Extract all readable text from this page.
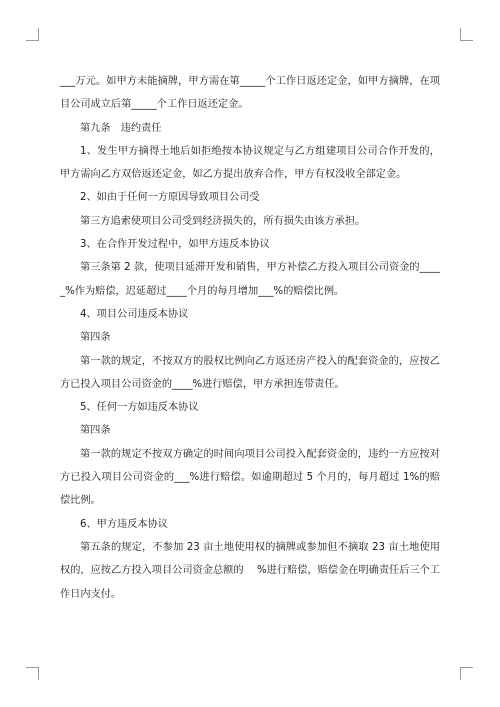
___万元。如甲方未能摘牌，甲方需在第_____个工作日返还定金，如甲方摘牌，在项目公司成立后第_____个工作日返还定金。

第九条　违约责任

1、发生甲方摘得土地后如拒绝按本协议规定与乙方组建项目公司合作开发的，甲方需向乙方双倍返还定金，如乙方提出放弃合作，甲方有权没收全部定金。

2、如由于任何一方原因导致项目公司受

第三方追索使项目公司受到经济损失的，所有损失由该方承担。

3、在合作开发过程中，如甲方违反本协议

第三条第 2 款，使项目延滞开发和销售，甲方补偿乙方投入项目公司资金的_____%作为赔偿，迟延超过____个月的每月增加___%的赔偿比例。

4、项目公司违反本协议

第四条

第一款的规定，不按双方的股权比例向乙方返还房产投入的配套资金的，应按乙方已投入项目公司资金的____%进行赔偿，甲方承担连带责任。

5、任何一方如违反本协议

第四条

第一款的规定不按双方确定的时间向项目公司投入配套资金的，违约一方应按对方已投入项目公司资金的___%进行赔偿。如逾期超过 5 个月的，每月超过 1%的赔偿比例。

6、甲方违反本协议

第五条的规定，不参加 23 亩土地使用权的摘牌或参加但不摘取 23 亩土地使用权的，应按乙方投入项目公司资金总额的　 %进行赔偿，赔偿金在明确责任后三个工作日内支付。
